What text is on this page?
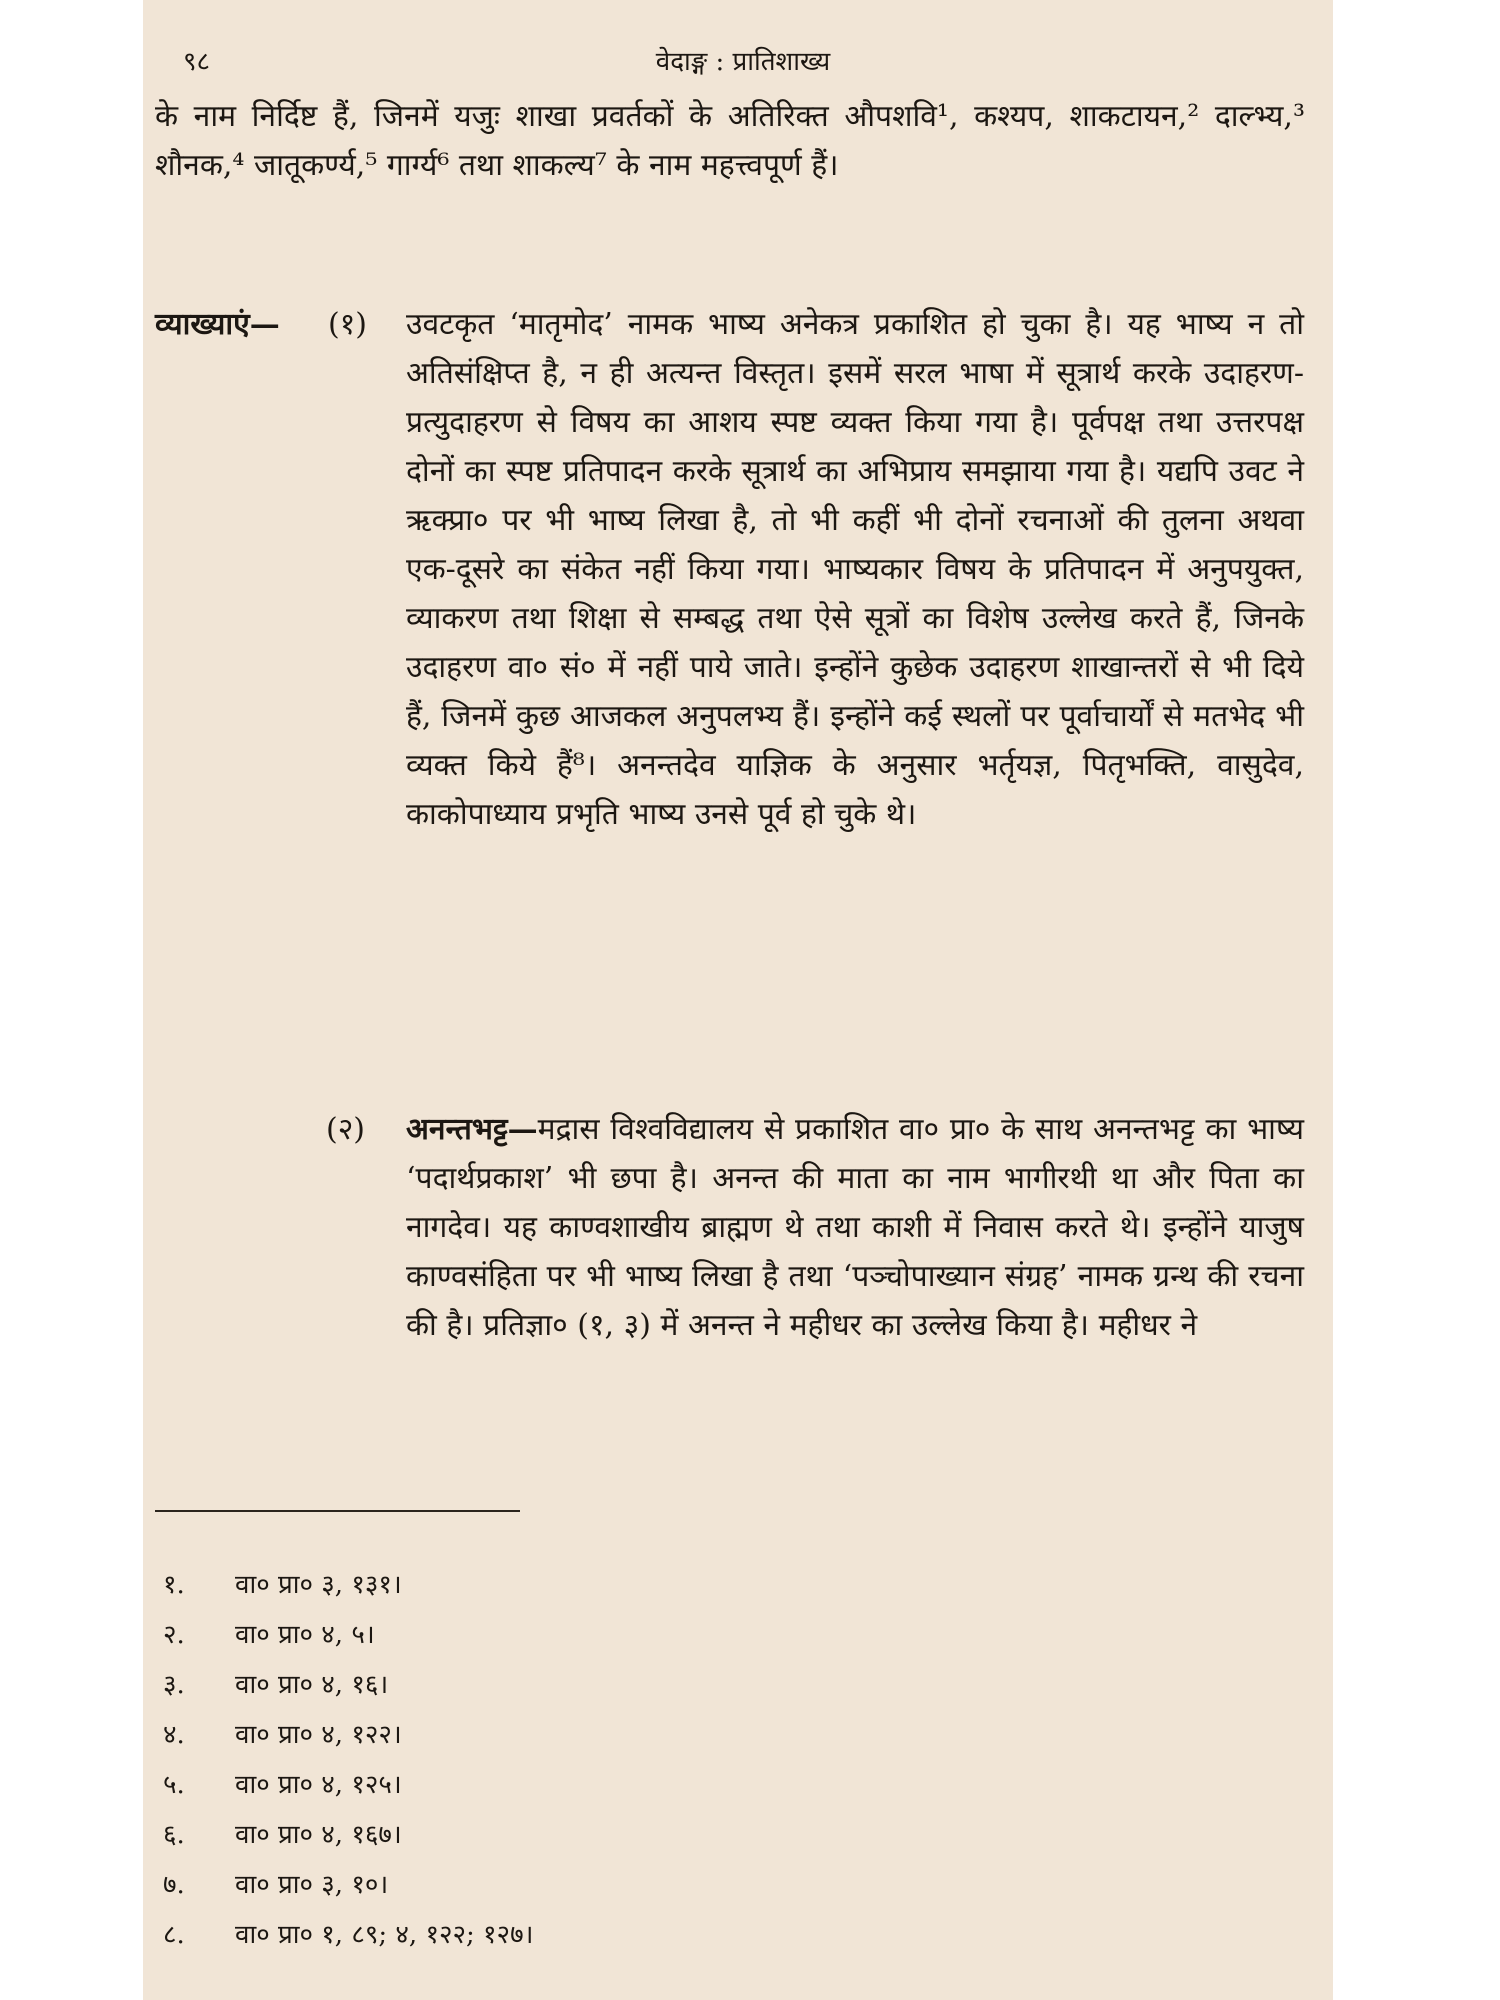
९८	वेदाङ्ग : प्रातिशाख्य

के नाम निर्दिष्ट हैं, जिनमें यजुः शाखा प्रवर्तकों के अतिरिक्त औपशवि¹, कश्यप, शाकटायन,² दाल्भ्य,³ शौनक,⁴ जातूकर्ण्य,⁵ गार्ग्य⁶ तथा शाकल्य⁷ के नाम महत्त्वपूर्ण हैं।

व्याख्याएं— (१) उवटकृत ‘मातृमोद’ नामक भाष्य अनेकत्र प्रकाशित हो चुका है। यह भाष्य न तो अतिसंक्षिप्त है, न ही अत्यन्त विस्तृत। इसमें सरल भाषा में सूत्रार्थ करके उदाहरण-प्रत्युदाहरण से विषय का आशय स्पष्ट व्यक्त किया गया है। पूर्वपक्ष तथा उत्तरपक्ष दोनों का स्पष्ट प्रतिपादन करके सूत्रार्थ का अभिप्राय समझाया गया है। यद्यपि उवट ने ऋक्प्रा० पर भी भाष्य लिखा है, तो भी कहीं भी दोनों रचनाओं की तुलना अथवा एक-दूसरे का संकेत नहीं किया गया। भाष्यकार विषय के प्रतिपादन में अनुपयुक्त, व्याकरण तथा शिक्षा से सम्बद्ध तथा ऐसे सूत्रों का विशेष उल्लेख करते हैं, जिनके उदाहरण वा० सं० में नहीं पाये जाते। इन्होंने कुछेक उदाहरण शाखान्तरों से भी दिये हैं, जिनमें कुछ आजकल अनुपलभ्य हैं। इन्होंने कई स्थलों पर पूर्वाचार्यों से मतभेद भी व्यक्त किये हैं⁸। अनन्तदेव याज्ञिक के अनुसार भर्तृयज्ञ, पितृभक्ति, वासुदेव, काकोपाध्याय प्रभृति भाष्य उनसे पूर्व हो चुके थे।

(२) अनन्तभट्ट—मद्रास विश्वविद्यालय से प्रकाशित वा० प्रा० के साथ अनन्तभट्ट का भाष्य ‘पदार्थप्रकाश’ भी छपा है। अनन्त की माता का नाम भागीरथी था और पिता का नागदेव। यह काण्वशाखीय ब्राह्मण थे तथा काशी में निवास करते थे। इन्होंने याजुष काण्वसंहिता पर भी भाष्य लिखा है तथा ‘पञ्चोपाख्यान संग्रह’ नामक ग्रन्थ की रचना की है। प्रतिज्ञा० (१, ३) में अनन्त ने महीधर का उल्लेख किया है। महीधर ने

१. वा० प्रा० ३, १३१।
२. वा० प्रा० ४, ५।
३. वा० प्रा० ४, १६।
४. वा० प्रा० ४, १२२।
५. वा० प्रा० ४, १२५।
६. वा० प्रा० ४, १६७।
७. वा० प्रा० ३, १०।
८. वा० प्रा० १, ८९; ४, १२२; १२७।
